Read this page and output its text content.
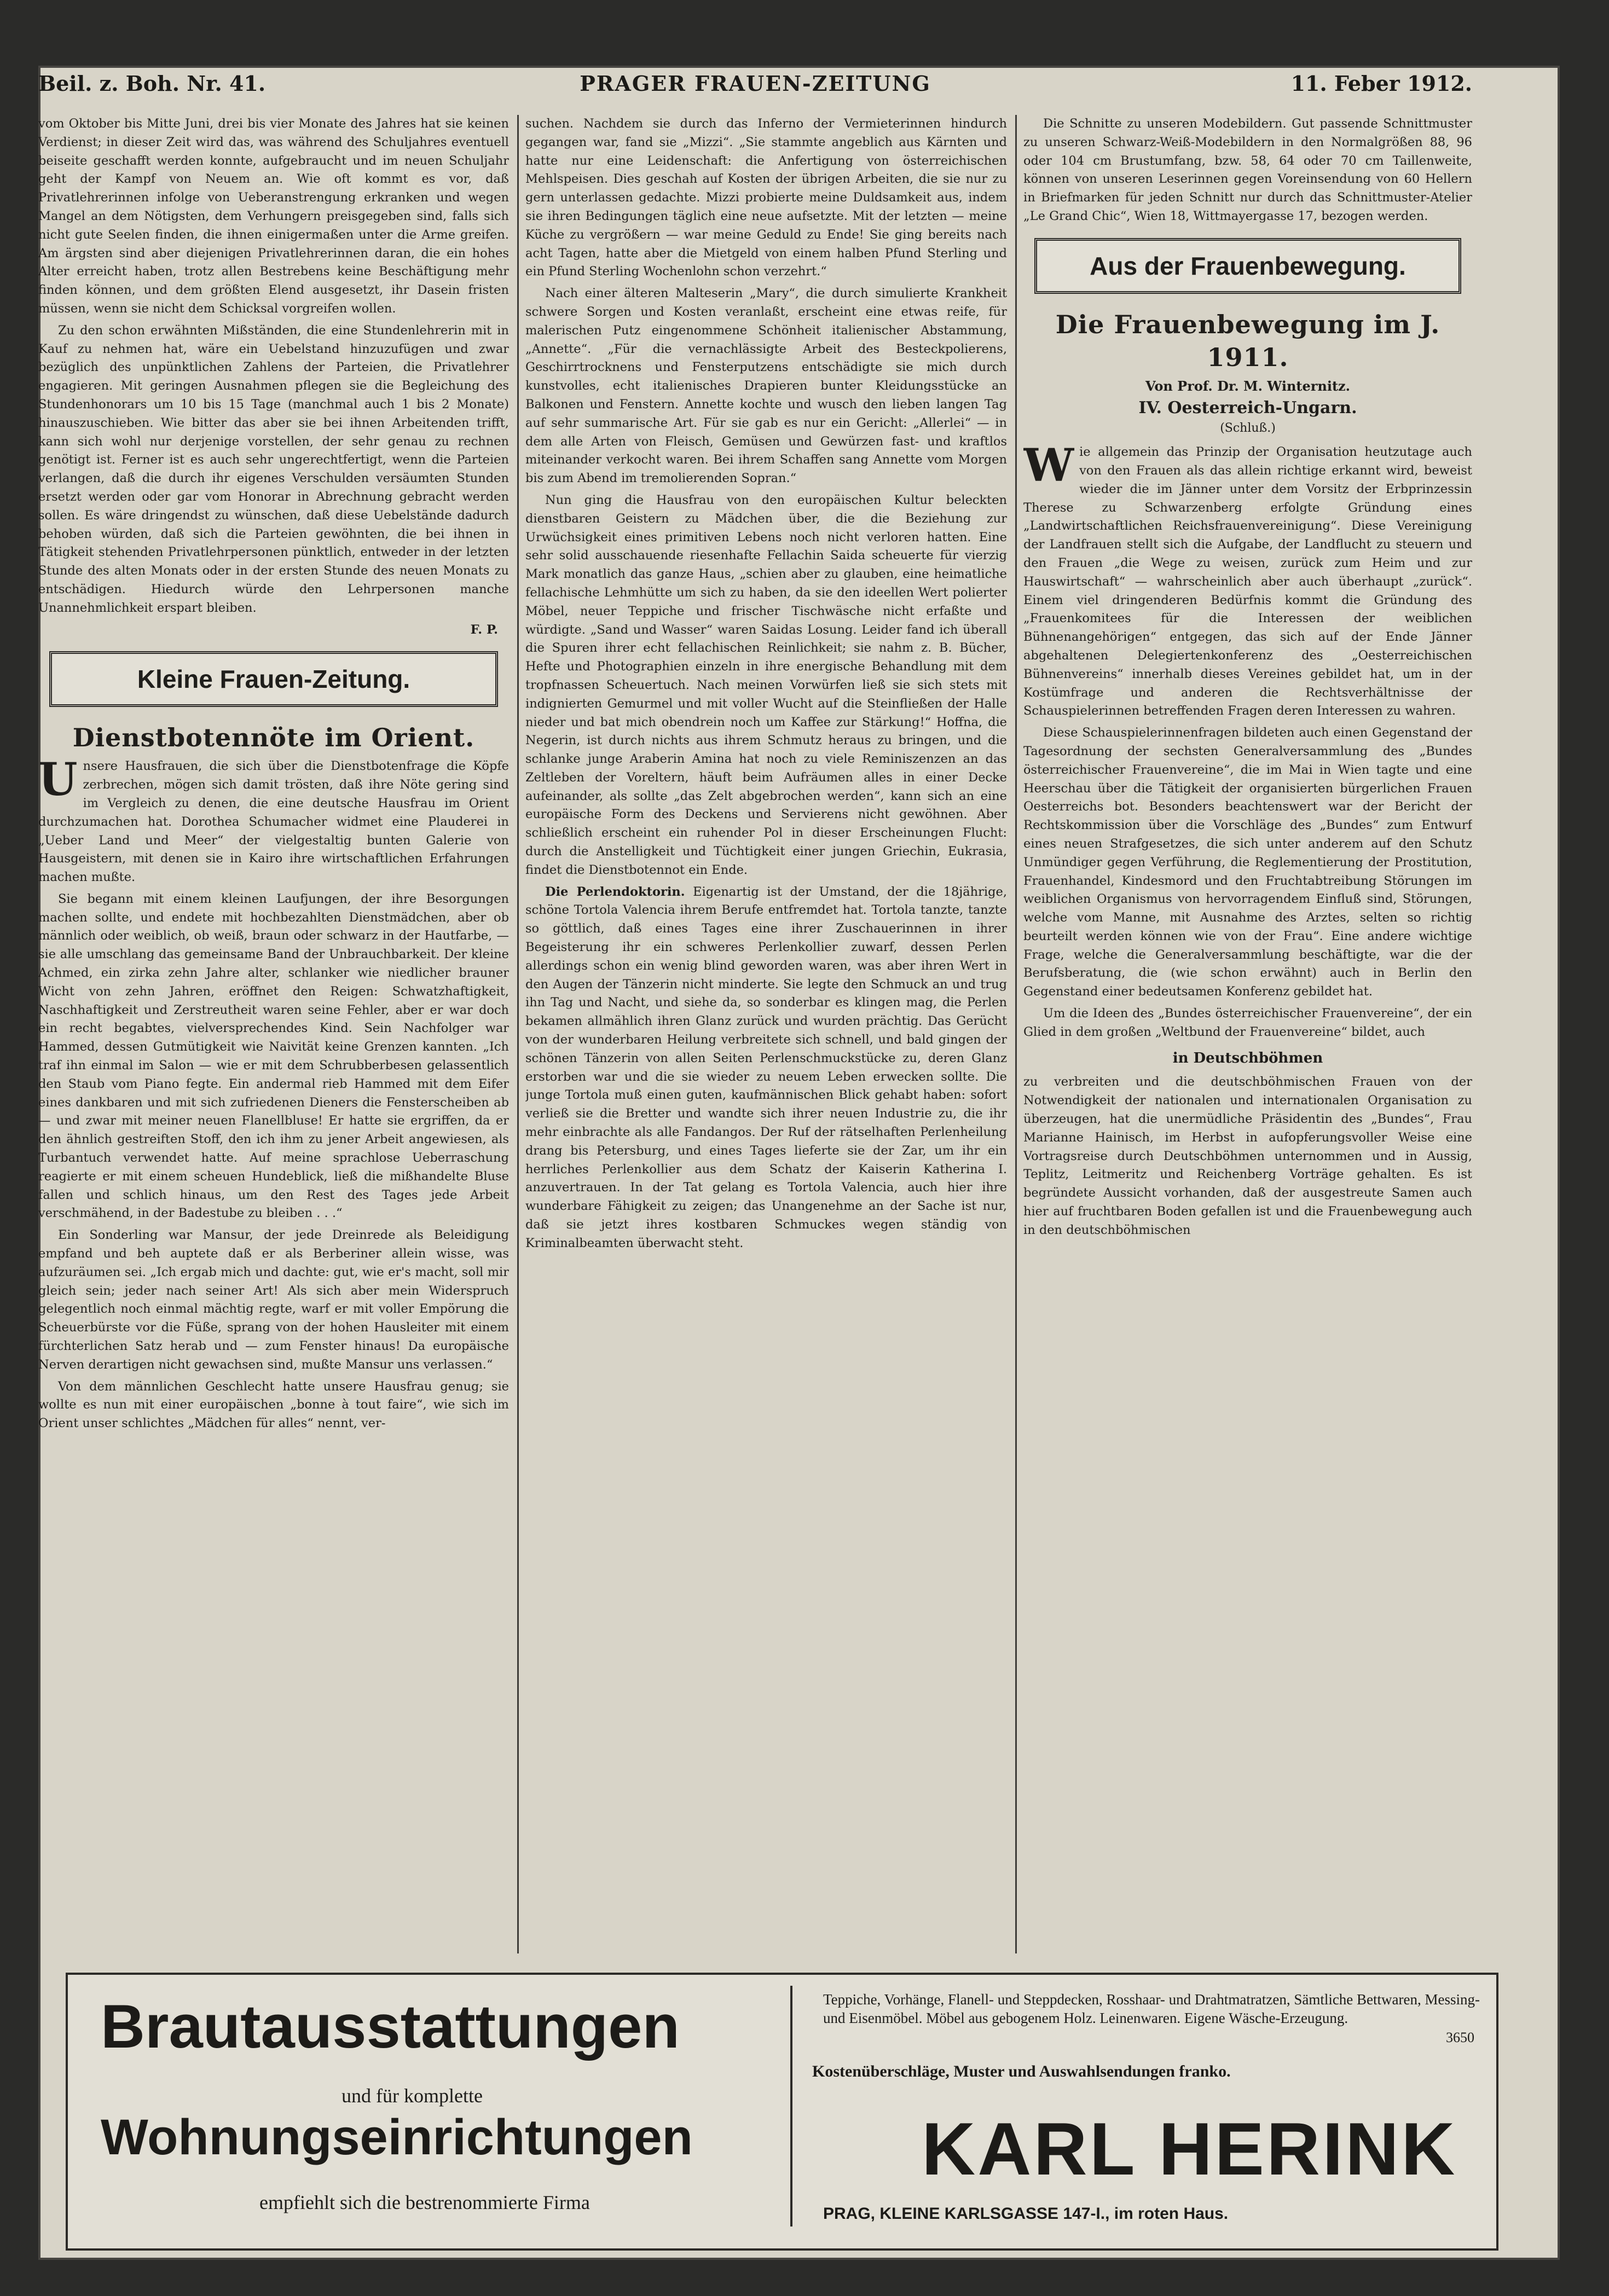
Beil. z. Boh. Nr. 41.	PRAGER FRAUEN-ZEITUNG	11. Feber 1912.

vom Oktober bis Mitte Juni, drei bis vier Monate des Jahres hat sie keinen Verdienst; in dieser Zeit wird das, was während des Schuljahres eventuell beiseite geschafft werden konnte, aufgebraucht und im neuen Schuljahr geht der Kampf von Neuem an. Wie oft kommt es vor, daß Privatlehrerinnen infolge von Ueberanstrengung erkranken und wegen Mangel an dem Nötigsten, dem Verhungern preisgegeben sind, falls sich nicht gute Seelen finden, die ihnen einigermaßen unter die Arme greifen. Am ärgsten sind aber diejenigen Privatlehrerinnen daran, die ein hohes Alter erreicht haben, trotz allen Bestrebens keine Beschäftigung mehr finden können, und dem größten Elend ausgesetzt, ihr Dasein fristen müssen, wenn sie nicht dem Schicksal vorgreifen wollen.

Zu den schon erwähnten Mißständen, die eine Stundenlehrerin mit in Kauf zu nehmen hat, wäre ein Uebelstand hinzuzufügen und zwar bezüglich des unpünktlichen Zahlens der Parteien, die Privatlehrer engagieren. Mit geringen Ausnahmen pflegen sie die Begleichung des Stundenhonorars um 10 bis 15 Tage (manchmal auch 1 bis 2 Monate) hinauszuschieben. Wie bitter das aber sie bei ihnen Arbeitenden trifft, kann sich wohl nur derjenige vorstellen, der sehr genau zu rechnen genötigt ist. Ferner ist es auch sehr ungerechtfertigt, wenn die Parteien verlangen, daß die durch ihr eigenes Verschulden versäumten Stunden ersetzt werden oder gar vom Honorar in Abrechnung gebracht werden sollen. Es wäre dringendst zu wünschen, daß diese Uebelstände dadurch behoben würden, daß sich die Parteien gewöhnten, die bei ihnen in Tätigkeit stehenden Privatlehrpersonen pünktlich, entweder in der letzten Stunde des alten Monats oder in der ersten Stunde des neuen Monats zu entschädigen. Hiedurch würde den Lehrpersonen manche Unannehmlichkeit erspart bleiben.

F. P.
Kleine Frauen-Zeitung.
Dienstbotennöte im Orient.

Unsere Hausfrauen, die sich über die Dienstbotenfrage die Köpfe zerbrechen, mögen sich damit trösten, daß ihre Nöte gering sind im Vergleich zu denen, die eine deutsche Hausfrau im Orient durchzumachen hat. Dorothea Schumacher widmet eine Plauderei in „Ueber Land und Meer“ der vielgestaltig bunten Galerie von Hausgeistern, mit denen sie in Kairo ihre wirtschaftlichen Erfahrungen machen mußte.

Sie begann mit einem kleinen Laufjungen, der ihre Besorgungen machen sollte, und endete mit hochbezahlten Dienstmädchen, aber ob männlich oder weiblich, ob weiß, braun oder schwarz in der Hautfarbe, — sie alle umschlang das gemeinsame Band der Unbrauchbarkeit. Der kleine Achmed, ein zirka zehn Jahre alter, schlanker wie niedlicher brauner Wicht von zehn Jahren, eröffnet den Reigen: Schwatzhaftigkeit, Naschhaftigkeit und Zerstreutheit waren seine Fehler, aber er war doch ein recht begabtes, vielversprechendes Kind. Sein Nachfolger war Hammed, dessen Gutmütigkeit wie Naivität keine Grenzen kannten. „Ich traf ihn einmal im Salon — wie er mit dem Schrubberbesen gelassentlich den Staub vom Piano fegte. Ein andermal rieb Hammed mit dem Eifer eines dankbaren und mit sich zufriedenen Dieners die Fensterscheiben ab — und zwar mit meiner neuen Flanellbluse! Er hatte sie ergriffen, da er den ähnlich gestreiften Stoff, den ich ihm zu jener Arbeit angewiesen, als Turbantuch verwendet hatte. Auf meine sprachlose Ueberraschung reagierte er mit einem scheuen Hundeblick, ließ die mißhandelte Bluse fallen und schlich hinaus, um den Rest des Tages jede Arbeit verschmähend, in der Badestube zu bleiben . . .“

Ein Sonderling war Mansur, der jede Dreinrede als Beleidigung empfand und beh auptete daß er als Berberiner allein wisse, was aufzuräumen sei. „Ich ergab mich und dachte: gut, wie er's macht, soll mir gleich sein; jeder nach seiner Art! Als sich aber mein Widerspruch gelegentlich noch einmal mächtig regte, warf er mit voller Empörung die Scheuerbürste vor die Füße, sprang von der hohen Hausleiter mit einem fürchterlichen Satz herab und — zum Fenster hinaus! Da europäische Nerven derartigen nicht gewachsen sind, mußte Mansur uns verlassen.“

Von dem männlichen Geschlecht hatte unsere Hausfrau genug; sie wollte es nun mit einer europäischen „bonne à tout faire“, wie sich im Orient unser schlichtes „Mädchen für alles“ nennt, ver-

suchen. Nachdem sie durch das Inferno der Vermieterinnen hindurch gegangen war, fand sie „Mizzi“. „Sie stammte angeblich aus Kärnten und hatte nur eine Leidenschaft: die Anfertigung von österreichischen Mehlspeisen. Dies geschah auf Kosten der übrigen Arbeiten, die sie nur zu gern unterlassen gedachte. Mizzi probierte meine Duldsamkeit aus, indem sie ihren Bedingungen täglich eine neue aufsetzte. Mit der letzten — meine Küche zu vergrößern — war meine Geduld zu Ende! Sie ging bereits nach acht Tagen, hatte aber die Mietgeld von einem halben Pfund Sterling und ein Pfund Sterling Wochenlohn schon verzehrt.“

Nach einer älteren Malteserin „Mary“, die durch simulierte Krankheit schwere Sorgen und Kosten veranlaßt, erscheint eine etwas reife, für malerischen Putz eingenommene Schönheit italienischer Abstammung, „Annette“. „Für die vernachlässigte Arbeit des Besteckpolierens, Geschirrtrocknens und Fensterputzens entschädigte sie mich durch kunstvolles, echt italienisches Drapieren bunter Kleidungsstücke an Balkonen und Fenstern. Annette kochte und wusch den lieben langen Tag auf sehr summarische Art. Für sie gab es nur ein Gericht: „Allerlei“ — in dem alle Arten von Fleisch, Gemüsen und Gewürzen fast- und kraftlos miteinander verkocht waren. Bei ihrem Schaffen sang Annette vom Morgen bis zum Abend im tremolierenden Sopran.“

Nun ging die Hausfrau von den europäischen Kultur beleckten dienstbaren Geistern zu Mädchen über, die die Beziehung zur Urwüchsigkeit eines primitiven Lebens noch nicht verloren hatten. Eine sehr solid ausschauende riesenhafte Fellachin Saida scheuerte für vierzig Mark monatlich das ganze Haus, „schien aber zu glauben, eine heimatliche fellachische Lehmhütte um sich zu haben, da sie den ideellen Wert polierter Möbel, neuer Teppiche und frischer Tischwäsche nicht erfaßte und würdigte. „Sand und Wasser“ waren Saidas Losung. Leider fand ich überall die Spuren ihrer echt fellachischen Reinlichkeit; sie nahm z. B. Bücher, Hefte und Photographien einzeln in ihre energische Behandlung mit dem tropfnassen Scheuertuch. Nach meinen Vorwürfen ließ sie sich stets mit indignierten Gemurmel und mit voller Wucht auf die Steinfließen der Halle nieder und bat mich obendrein noch um Kaffee zur Stärkung!“ Hoffna, die Negerin, ist durch nichts aus ihrem Schmutz heraus zu bringen, und die schlanke junge Araberin Amina hat noch zu viele Reminiszenzen an das Zeltleben der Voreltern, häuft beim Aufräumen alles in einer Decke aufeinander, als sollte „das Zelt abgebrochen werden“, kann sich an eine europäische Form des Deckens und Servierens nicht gewöhnen. Aber schließlich erscheint ein ruhender Pol in dieser Erscheinungen Flucht: durch die Anstelligkeit und Tüchtigkeit einer jungen Griechin, Eukrasia, findet die Dienstbotennot ein Ende.

Die Perlendoktorin. Eigenartig ist der Umstand, der die 18jährige, schöne Tortola Valencia ihrem Berufe entfremdet hat. Tortola tanzte, tanzte so göttlich, daß eines Tages eine ihrer Zuschauerinnen in ihrer Begeisterung ihr ein schweres Perlenkollier zuwarf, dessen Perlen allerdings schon ein wenig blind geworden waren, was aber ihren Wert in den Augen der Tänzerin nicht minderte. Sie legte den Schmuck an und trug ihn Tag und Nacht, und siehe da, so sonderbar es klingen mag, die Perlen bekamen allmählich ihren Glanz zurück und wurden prächtig. Das Gerücht von der wunderbaren Heilung verbreitete sich schnell, und bald gingen der schönen Tänzerin von allen Seiten Perlenschmuckstücke zu, deren Glanz erstorben war und die sie wieder zu neuem Leben erwecken sollte. Die junge Tortola muß einen guten, kaufmännischen Blick gehabt haben: sofort verließ sie die Bretter und wandte sich ihrer neuen Industrie zu, die ihr mehr einbrachte als alle Fandangos. Der Ruf der rätselhaften Perlenheilung drang bis Petersburg, und eines Tages lieferte sie der Zar, um ihr ein herrliches Perlenkollier aus dem Schatz der Kaiserin Katherina I. anzuvertrauen. In der Tat gelang es Tortola Valencia, auch hier ihre wunderbare Fähigkeit zu zeigen; das Unangenehme an der Sache ist nur, daß sie jetzt ihres kostbaren Schmuckes wegen ständig von Kriminalbeamten überwacht steht.

Die Schnitte zu unseren Modebildern. Gut passende Schnittmuster zu unseren Schwarz-Weiß-Modebildern in den Normalgrößen 88, 96 oder 104 cm Brustumfang, bzw. 58, 64 oder 70 cm Taillenweite, können von unseren Leserinnen gegen Voreinsendung von 60 Hellern in Briefmarken für jeden Schnitt nur durch das Schnittmuster-Atelier „Le Grand Chic“, Wien 18, Wittmayergasse 17, bezogen werden.

Aus der Frauenbewegung.
Die Frauenbewegung im J. 1911.
Von Prof. Dr. M. Winternitz.
IV. Oesterreich-Ungarn.
(Schluß.)

Wie allgemein das Prinzip der Organisation heutzutage auch von den Frauen als das allein richtige erkannt wird, beweist wieder die im Jänner unter dem Vorsitz der Erbprinzessin Therese zu Schwarzenberg erfolgte Gründung eines „Landwirtschaftlichen Reichsfrauenvereinigung“. Diese Vereinigung der Landfrauen stellt sich die Aufgabe, der Landflucht zu steuern und den Frauen „die Wege zu weisen, zurück zum Heim und zur Hauswirtschaft“ — wahrscheinlich aber auch überhaupt „zurück“. Einem viel dringenderen Bedürfnis kommt die Gründung des „Frauenkomitees für die Interessen der weiblichen Bühnenangehörigen“ entgegen, das sich auf der Ende Jänner abgehaltenen Delegiertenkonferenz des „Oesterreichischen Bühnenvereins“ innerhalb dieses Vereines gebildet hat, um in der Kostümfrage und anderen die Rechtsverhältnisse der Schauspielerinnen betreffenden Fragen deren Interessen zu wahren.

Diese Schauspielerinnenfragen bildeten auch einen Gegenstand der Tagesordnung der sechsten Generalversammlung des „Bundes österreichischer Frauenvereine“, die im Mai in Wien tagte und eine Heerschau über die Tätigkeit der organisierten bürgerlichen Frauen Oesterreichs bot. Besonders beachtenswert war der Bericht der Rechtskommission über die Vorschläge des „Bundes“ zum Entwurf eines neuen Strafgesetzes, die sich unter anderem auf den Schutz Unmündiger gegen Verführung, die Reglementierung der Prostitution, Frauenhandel, Kindesmord und den Fruchtabtreibung Störungen im weiblichen Organismus von hervorragendem Einfluß sind, Störungen, welche vom Manne, mit Ausnahme des Arztes, selten so richtig beurteilt werden können wie von der Frau“. Eine andere wichtige Frage, welche die Generalversammlung beschäftigte, war die der Berufsberatung, die (wie schon erwähnt) auch in Berlin den Gegenstand einer bedeutsamen Konferenz gebildet hat.

Um die Ideen des „Bundes österreichischer Frauenvereine“, der ein Glied in dem großen „Weltbund der Frauenvereine“ bildet, auch

in Deutschböhmen

zu verbreiten und die deutschböhmischen Frauen von der Notwendigkeit der nationalen und internationalen Organisation zu überzeugen, hat die unermüdliche Präsidentin des „Bundes“, Frau Marianne Hainisch, im Herbst in aufopferungsvoller Weise eine Vortragsreise durch Deutschböhmen unternommen und in Aussig, Teplitz, Leitmeritz und Reichenberg Vorträge gehalten. Es ist begründete Aussicht vorhanden, daß der ausgestreute Samen auch hier auf fruchtbaren Boden gefallen ist und die Frauenbewegung auch in den deutschböhmischen

Brautausstattungen
und für komplette
Wohnungseinrichtungen
empfiehlt sich die bestrenommierte Firma
Teppiche, Vorhänge, Flanell- und Steppdecken, Rosshaar- und Drahtmatratzen, Sämtliche Bettwaren, Messing- und Eisenmöbel. Möbel aus gebogenem Holz. Leinenwaren. Eigene Wäsche-Erzeugung.
3650
Kostenüberschläge, Muster und Auswahlsendungen franko.
KARL HERINK
PRAG, KLEINE KARLSGASSE 147-I., im roten Haus.
